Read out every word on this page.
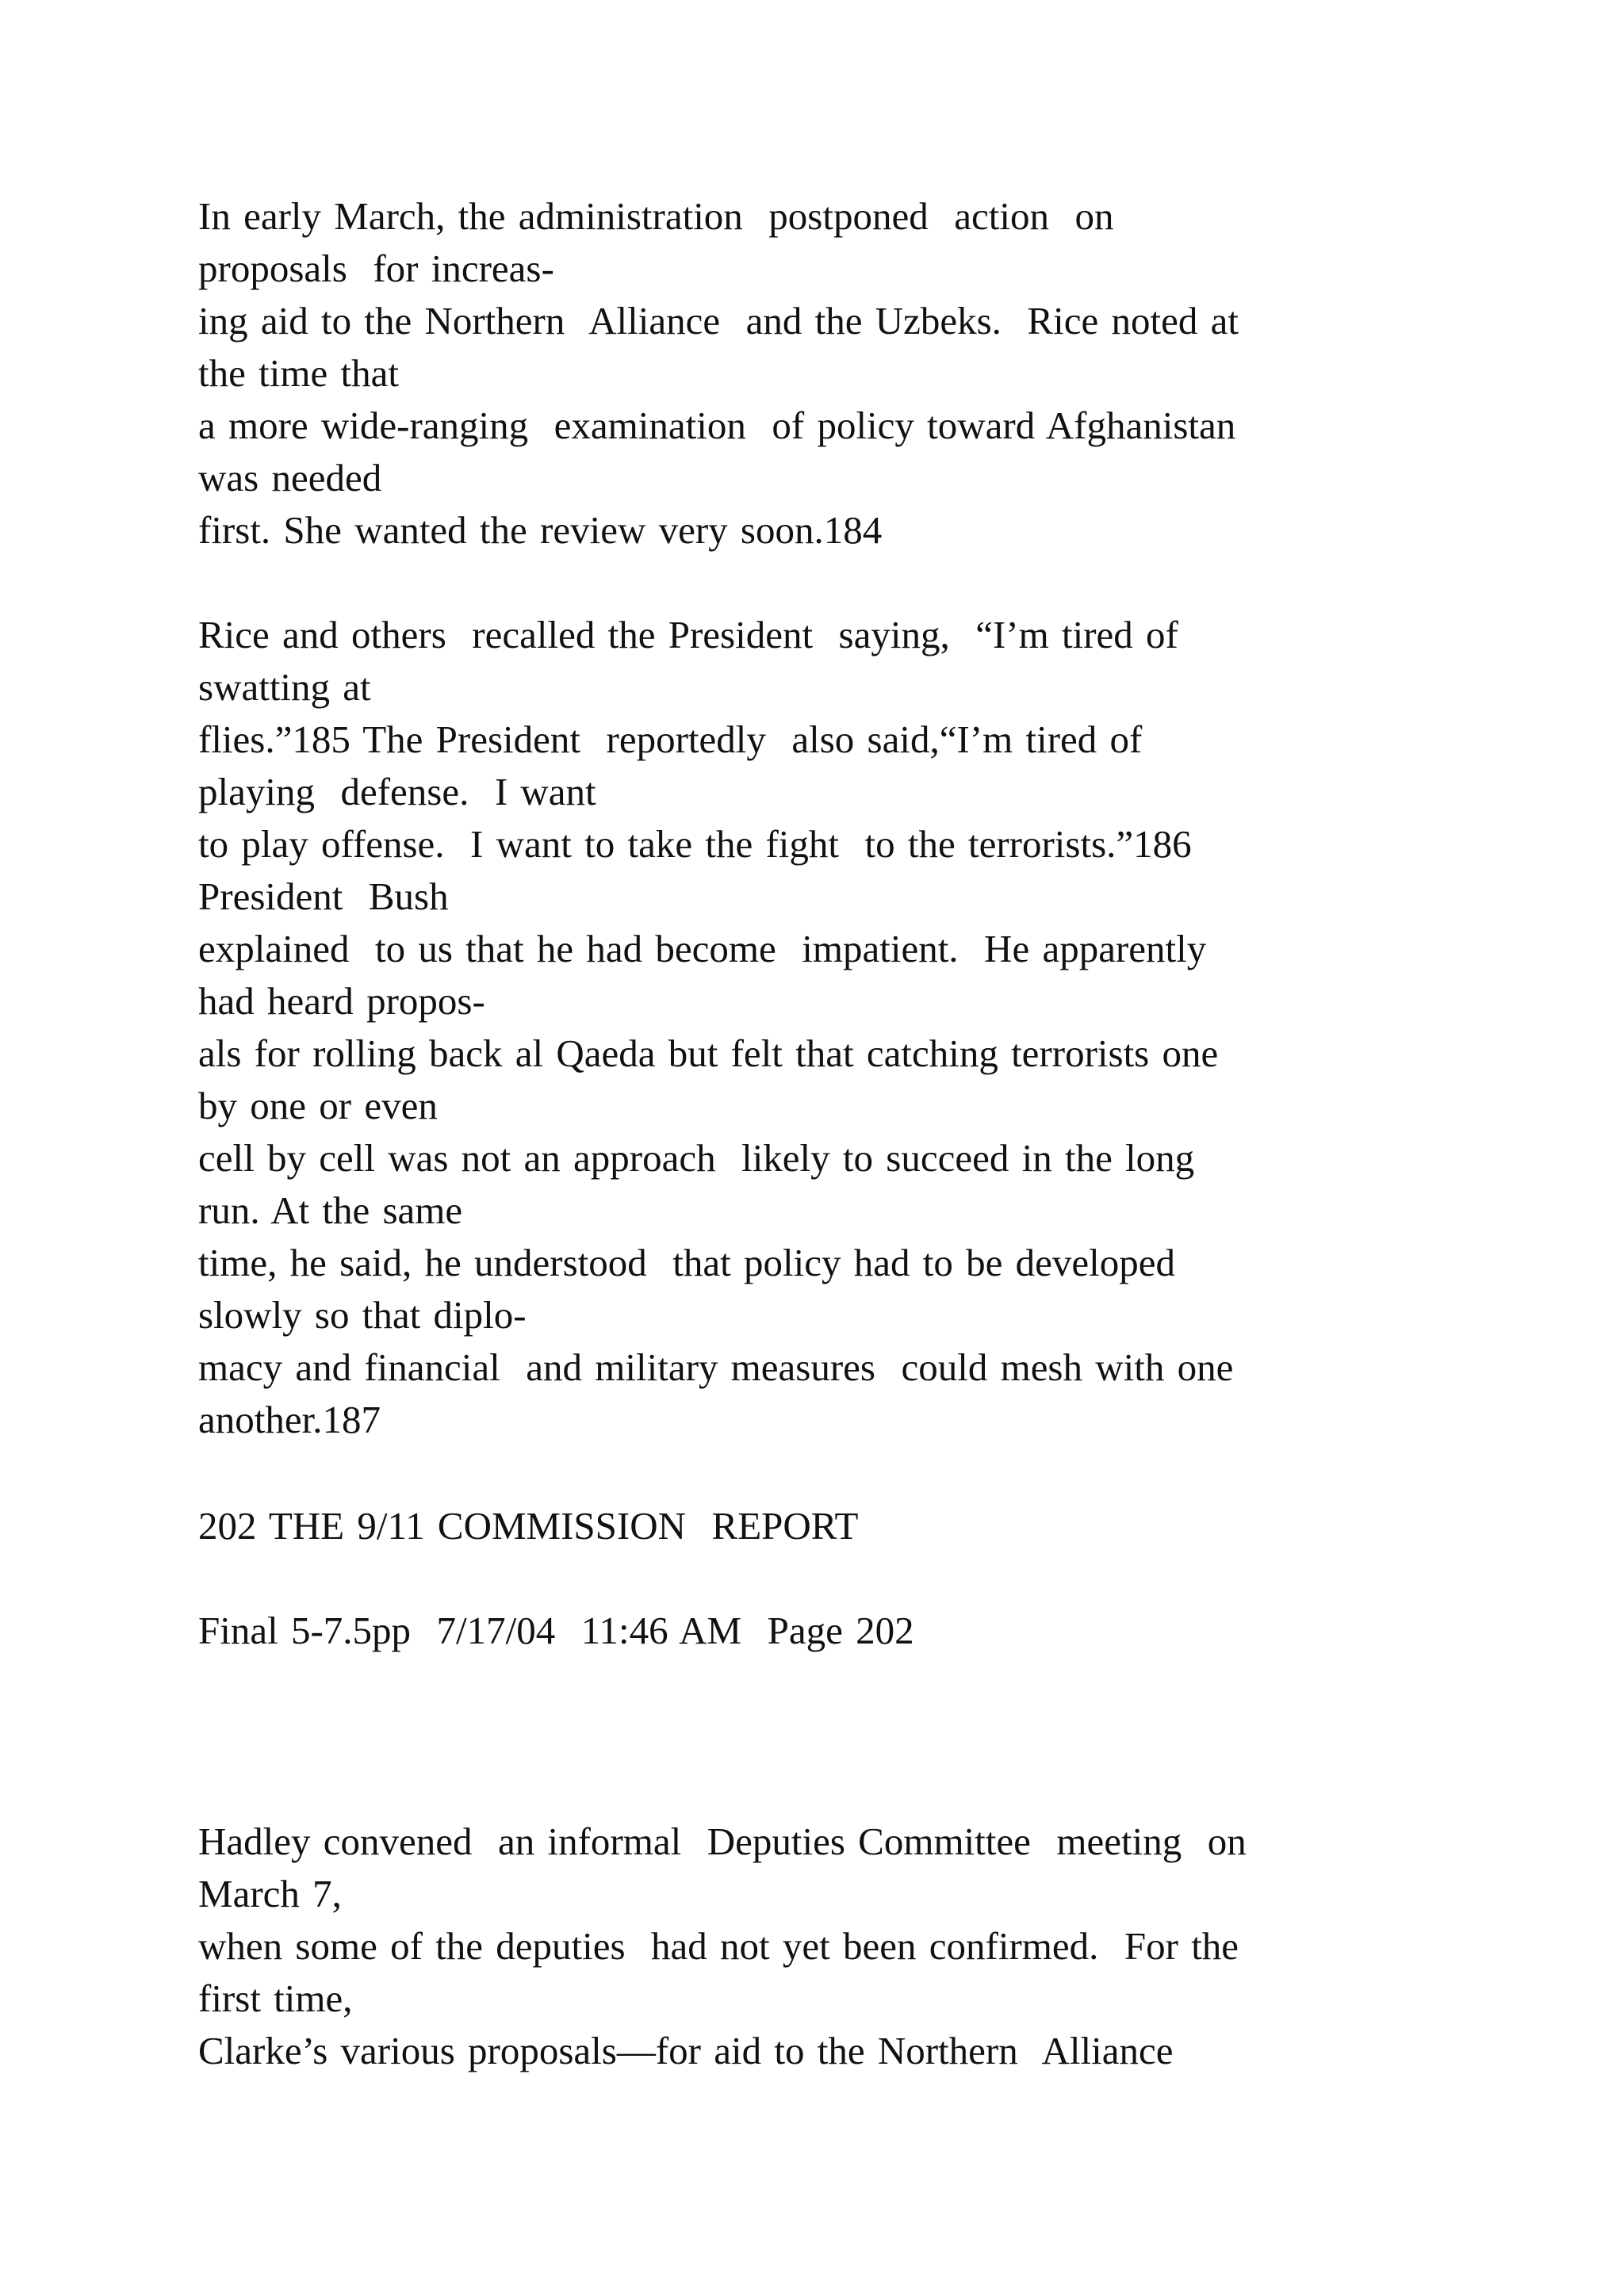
In early March, the administration  postponed  action  on

proposals  for increas-

ing aid to the Northern  Alliance  and the Uzbeks.  Rice noted at

the time that

a more wide-ranging  examination  of policy toward Afghanistan

was needed

first. She wanted the review very soon.184

Rice and others  recalled the President  saying,  “I’m tired of

swatting at

flies.”185 The President  reportedly  also said,“I’m tired of

playing  defense.  I want

to play offense.  I want to take the fight  to the terrorists.”186

President  Bush

explained  to us that he had become  impatient.  He apparently

had heard propos-

als for rolling back al Qaeda but felt that catching terrorists one

by one or even

cell by cell was not an approach  likely to succeed in the long

run. At the same

time, he said, he understood  that policy had to be developed

slowly so that diplo-

macy and financial  and military measures  could mesh with one

another.187

202 THE 9/11 COMMISSION  REPORT

Final 5-7.5pp  7/17/04  11:46 AM  Page 202

Hadley convened  an informal  Deputies Committee  meeting  on

March 7,

when some of the deputies  had not yet been confirmed.  For the

first time,

Clarke’s various proposals—for aid to the Northern  Alliance
